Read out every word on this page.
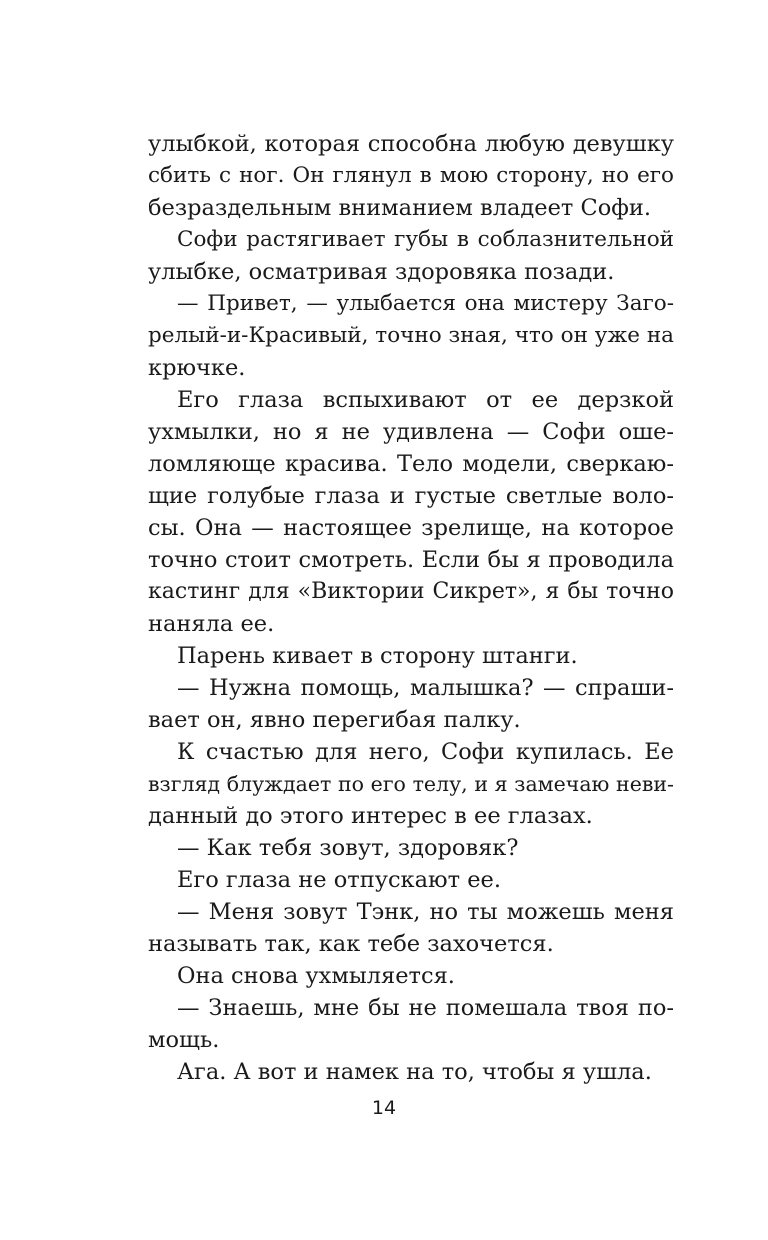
улыбкой, которая способна любую девушку
сбить с ног. Он глянул в мою сторону, но его
безраздельным вниманием владеет Софи.
Софи растягивает губы в соблазнительной
улыбке, осматривая здоровяка позади.
— Привет, — улыбается она мистеру Заго-
релый-и-Красивый, точно зная, что он уже на
крючке.
Его глаза вспыхивают от ее дерзкой
ухмылки, но я не удивлена — Софи оше-
ломляюще красива. Тело модели, сверкаю-
щие голубые глаза и густые светлые воло-
сы. Она — настоящее зрелище, на которое
точно стоит смотреть. Если бы я проводила
кастинг для «Виктории Сикрет», я бы точно
наняла ее.
Парень кивает в сторону штанги.
— Нужна помощь, малышка? — спраши-
вает он, явно перегибая палку.
К счастью для него, Софи купилась. Ее
взгляд блуждает по его телу, и я замечаю неви-
данный до этого интерес в ее глазах.
— Как тебя зовут, здоровяк?
Его глаза не отпускают ее.
— Меня зовут Тэнк, но ты можешь меня
называть так, как тебе захочется.
Она снова ухмыляется.
— Знаешь, мне бы не помешала твоя по-
мощь.
Ага. А вот и намек на то, чтобы я ушла.
14
